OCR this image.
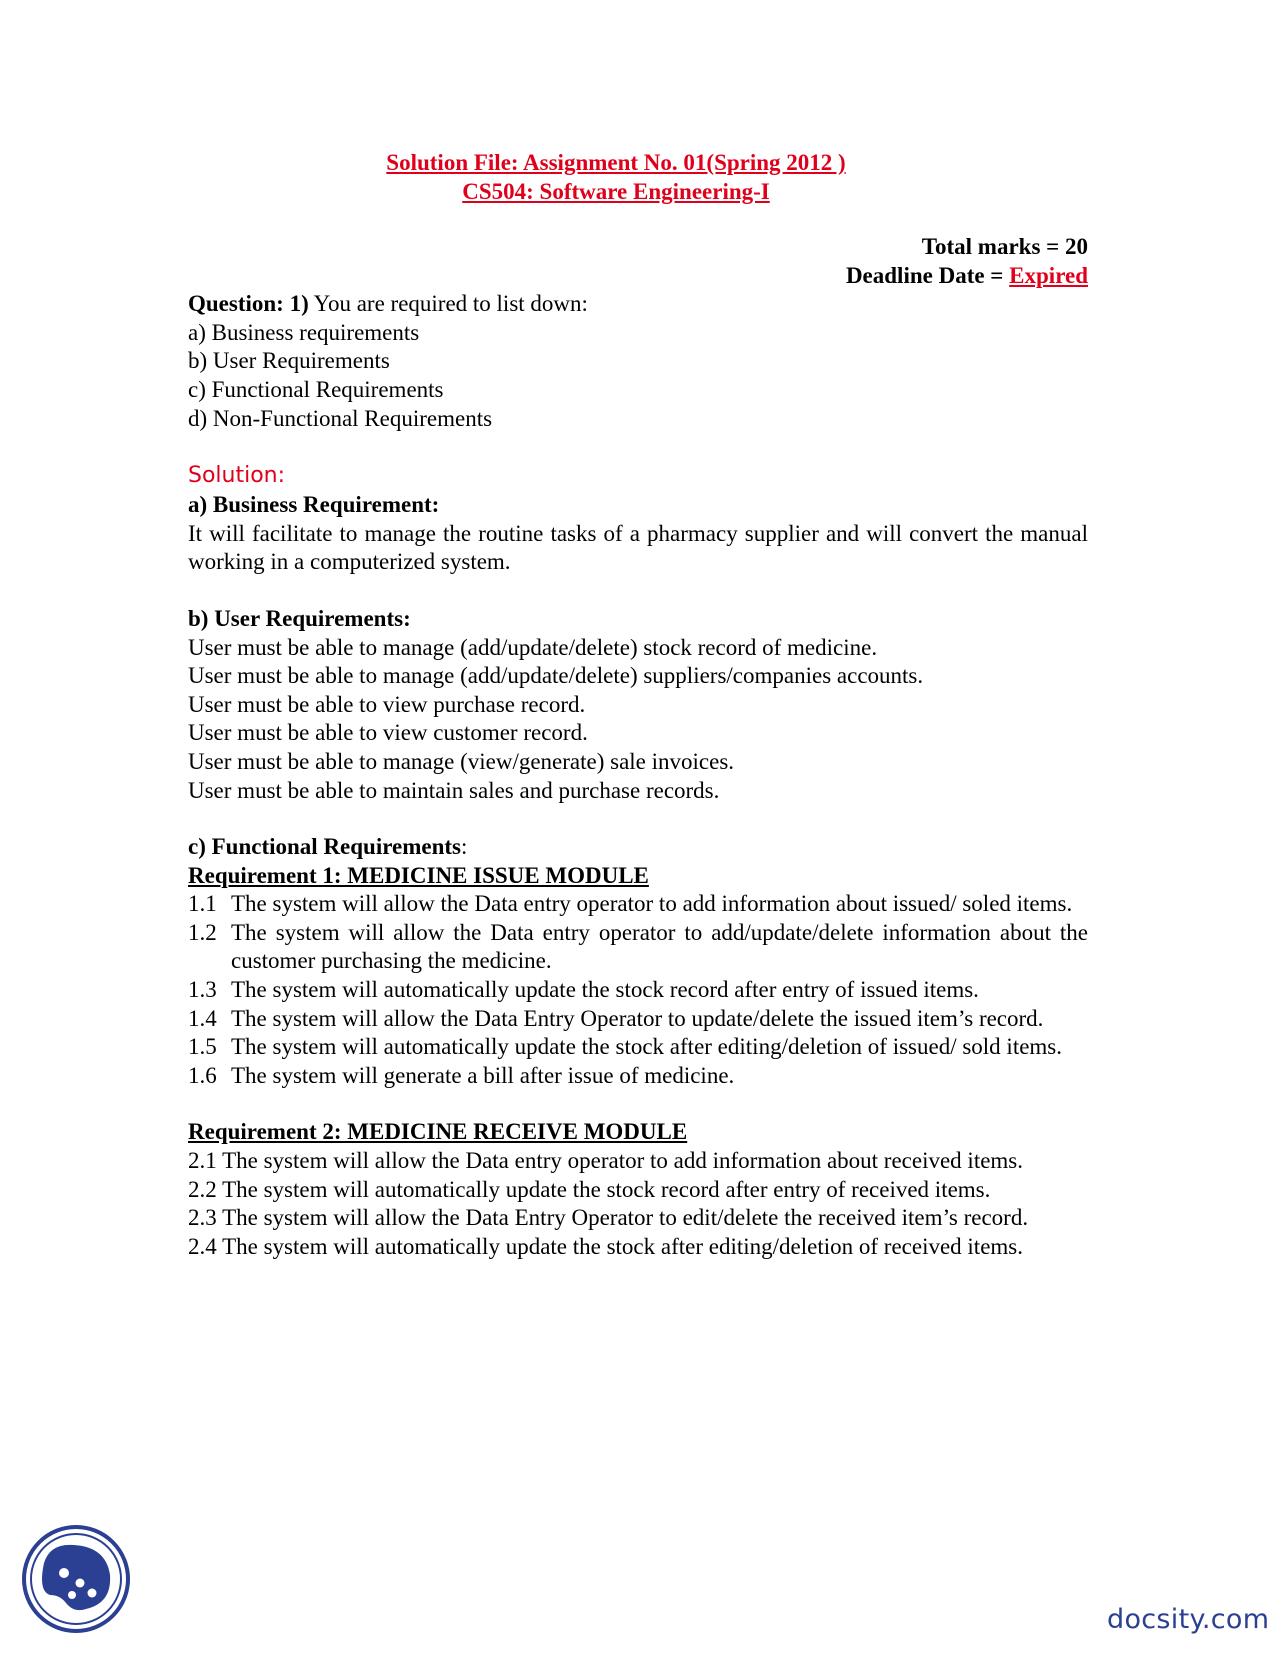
Solution File: Assignment No. 01(Spring 2012 )
CS504: Software Engineering-I
Total marks = 20
Deadline Date = Expired
Question: 1) You are required to list down:
a) Business requirements
b) User Requirements
c) Functional Requirements
d) Non-Functional Requirements
Solution:
a) Business Requirement:
It will facilitate to manage the routine tasks of a pharmacy supplier and will convert the manual working in a computerized system.
b) User Requirements:
User must be able to manage (add/update/delete) stock record of medicine.
User must be able to manage (add/update/delete) suppliers/companies accounts.
User must be able to view purchase record.
User must be able to view customer record.
User must be able to manage (view/generate) sale invoices.
User must be able to maintain sales and purchase records.
c) Functional Requirements:
Requirement 1: MEDICINE ISSUE MODULE
1.1 The system will allow the Data entry operator to add information about issued/ soled items.
1.2 The system will allow the Data entry operator to add/update/delete information about the customer purchasing the medicine.
1.3 The system will automatically update the stock record after entry of issued items.
1.4 The system will allow the Data Entry Operator to update/delete the issued item’s record.
1.5 The system will automatically update the stock after editing/deletion of issued/ sold items.
1.6 The system will generate a bill after issue of medicine.
Requirement 2: MEDICINE RECEIVE MODULE
2.1 The system will allow the Data entry operator to add information about received items.
2.2 The system will automatically update the stock record after entry of received items.
2.3 The system will allow the Data Entry Operator to edit/delete the received item’s record.
2.4 The system will automatically update the stock after editing/deletion of received items.
docsity.com
